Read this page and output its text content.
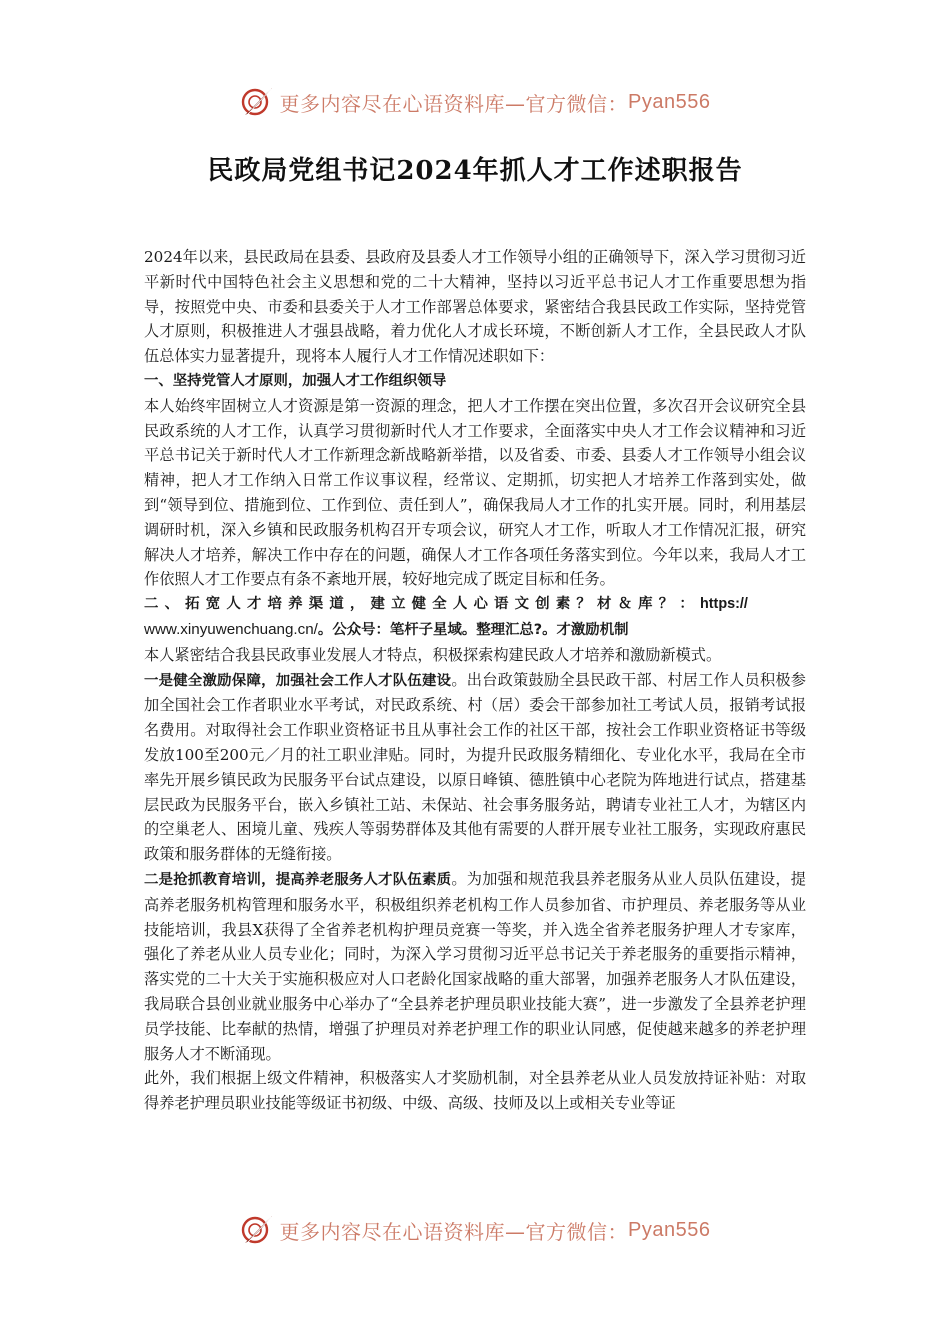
更多内容尽在心语资料库—官方微信： Pyan556
民政局党组书记2024年抓人才工作述职报告

2024年以来，县民政局在县委、县政府及县委人才工作领导小组的正确领导下，深入学习贯彻习近平新时代中国特色社会主义思想和党的二十大精神，坚持以习近平总书记人才工作重要思想为指导，按照党中央、市委和县委关于人才工作部署总体要求，紧密结合我县民政工作实际，坚持党管人才原则，积极推进人才强县战略，着力优化人才成长环境，不断创新人才工作，全县民政人才队伍总体实力显著提升，现将本人履行人才工作情况述职如下：

一、坚持党管人才原则，加强人才工作组织领导

本人始终牢固树立人才资源是第一资源的理念，把人才工作摆在突出位置，多次召开会议研究全县民政系统的人才工作，认真学习贯彻新时代人才工作要求，全面落实中央人才工作会议精神和习近平总书记关于新时代人才工作新理念新战略新举措，以及省委、市委、县委人才工作领导小组会议精神，把人才工作纳入日常工作议事议程，经常议、定期抓，切实把人才培养工作落到实处，做到“领导到位、措施到位、工作到位、责任到人”，确保我局人才工作的扎实开展。同时，利用基层调研时机，深入乡镇和民政服务机构召开专项会议，研究人才工作，听取人才工作情况汇报，研究解决人才培养，解决工作中存在的问题，确保人才工作各项任务落实到位。今年以来，我局人才工作依照人才工作要点有条不紊地开展，较好地完成了既定目标和任务。

二、拓宽人才培养渠道，建立健全人心语文创素？材＆库？：https://

www.xinyuwenchuang.cn/。公众号：笔杆子星域。整理汇总?。才激励机制

本人紧密结合我县民政事业发展人才特点，积极探索构建民政人才培养和激励新模式。

一是健全激励保障，加强社会工作人才队伍建设。出台政策鼓励全县民政干部、村居工作人员积极参加全国社会工作者职业水平考试，对民政系统、村（居）委会干部参加社工考试人员，报销考试报名费用。对取得社会工作职业资格证书且从事社会工作的社区干部，按社会工作职业资格证书等级发放100至200元／月的社工职业津贴。同时，为提升民政服务精细化、专业化水平，我局在全市率先开展乡镇民政为民服务平台试点建设，以原日峰镇、德胜镇中心老院为阵地进行试点，搭建基层民政为民服务平台，嵌入乡镇社工站、未保站、社会事务服务站，聘请专业社工人才，为辖区内的空巢老人、困境儿童、残疾人等弱势群体及其他有需要的人群开展专业社工服务，实现政府惠民政策和服务群体的无缝衔接。

二是抢抓教育培训，提高养老服务人才队伍素质。为加强和规范我县养老服务从业人员队伍建设，提高养老服务机构管理和服务水平，积极组织养老机构工作人员参加省、市护理员、养老服务等从业技能培训，我县X获得了全省养老机构护理员竞赛一等奖，并入选全省养老服务护理人才专家库，强化了养老从业人员专业化；同时，为深入学习贯彻习近平总书记关于养老服务的重要指示精神，落实党的二十大关于实施积极应对人口老龄化国家战略的重大部署，加强养老服务人才队伍建设，我局联合县创业就业服务中心举办了“全县养老护理员职业技能大赛”，进一步激发了全县养老护理员学技能、比奉献的热情，增强了护理员对养老护理工作的职业认同感，促使越来越多的养老护理服务人才不断涌现。

此外，我们根据上级文件精神，积极落实人才奖励机制，对全县养老从业人员发放持证补贴：对取得养老护理员职业技能等级证书初级、中级、高级、技师及以上或相关专业等证

更多内容尽在心语资料库—官方微信： Pyan556
